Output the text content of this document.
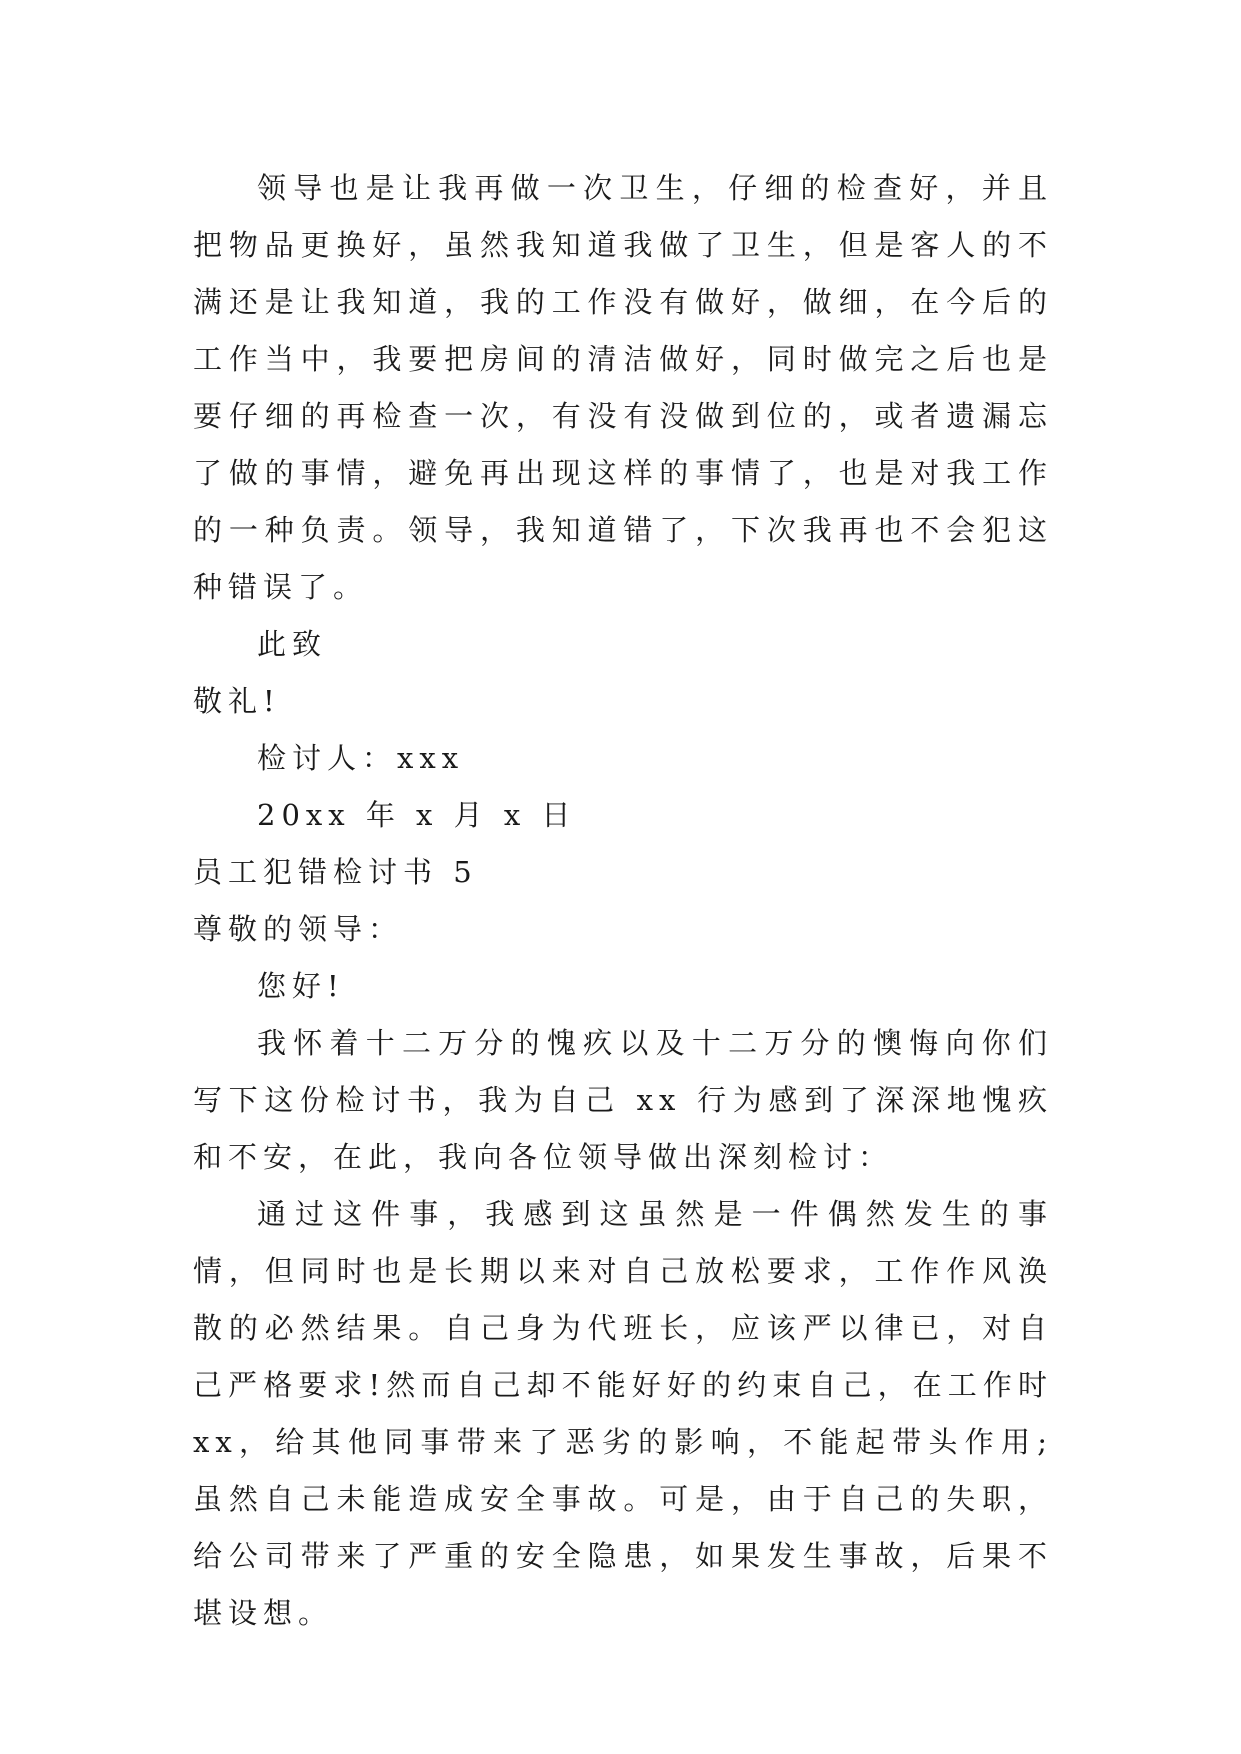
领导也是让我再做一次卫生，仔细的检查好，并且把物品更换好，虽然我知道我做了卫生，但是客人的不满还是让我知道，我的工作没有做好，做细，在今后的工作当中，我要把房间的清洁做好，同时做完之后也是要仔细的再检查一次，有没有没做到位的，或者遗漏忘了做的事情，避免再出现这样的事情了，也是对我工作的一种负责。领导，我知道错了，下次我再也不会犯这种错误了。

此致

敬礼!

检讨人：xxx

20xx 年 x 月 x 日

员工犯错检讨书 5

尊敬的领导：

您好!

我怀着十二万分的愧疚以及十二万分的懊悔向你们写下这份检讨书，我为自己 xx 行为感到了深深地愧疚和不安，在此，我向各位领导做出深刻检讨：

通过这件事，我感到这虽然是一件偶然发生的事情，但同时也是长期以来对自己放松要求，工作作风涣散的必然结果。自己身为代班长，应该严以律已，对自己严格要求!然而自己却不能好好的约束自己，在工作时 xx，给其他同事带来了恶劣的影响，不能起带头作用;虽然自己未能造成安全事故。可是，由于自己的失职，给公司带来了严重的安全隐患，如果发生事故，后果不堪设想。
